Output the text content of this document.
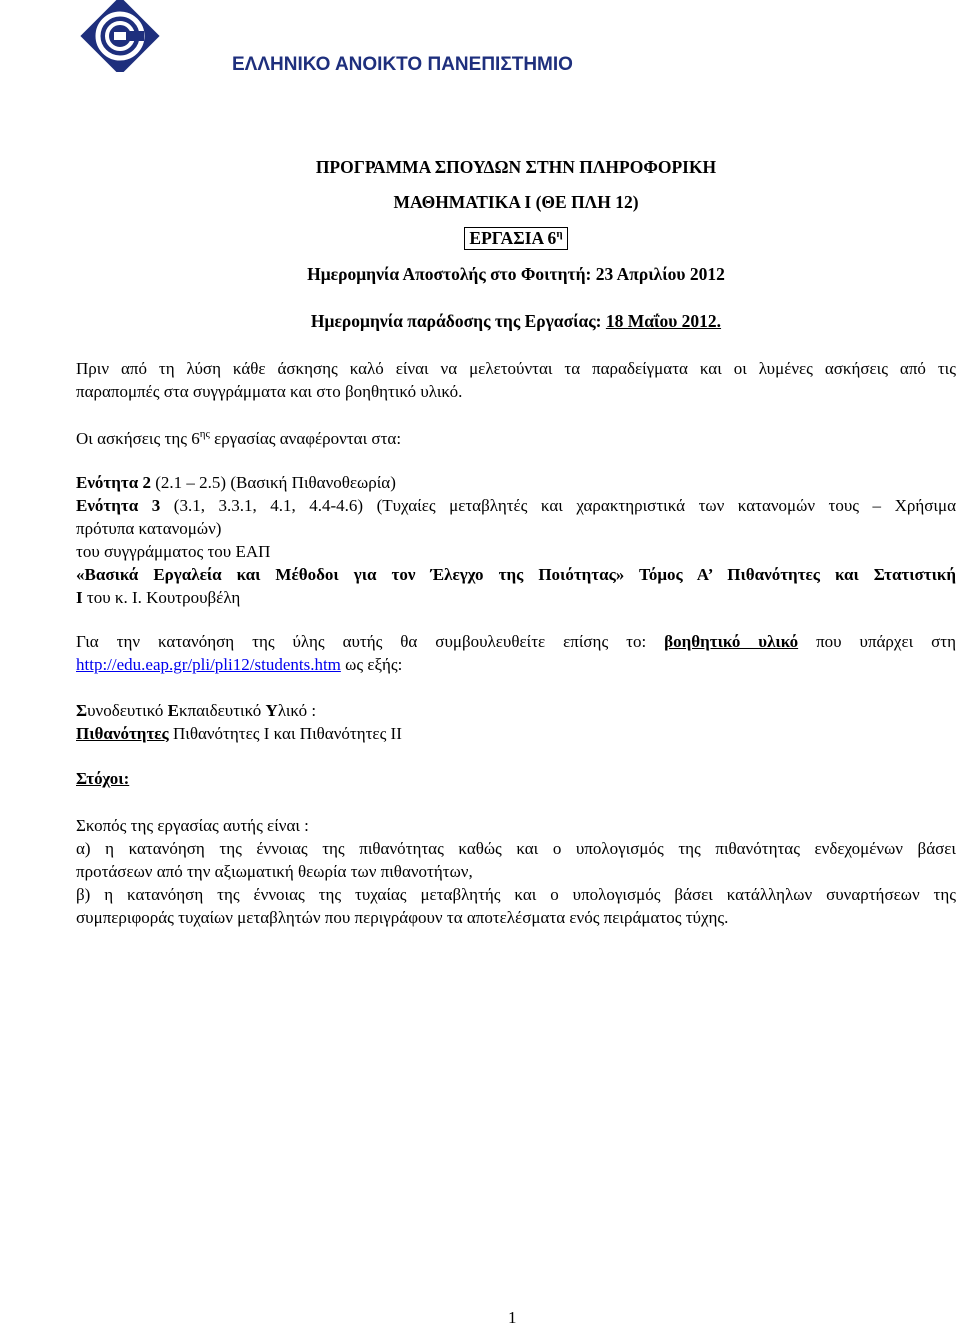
ΕΛΛΗΝΙΚΟ ΑΝΟΙΚΤΟ ΠΑΝΕΠΙΣΤΗΜΙΟ
ΠΡΟΓΡΑΜΜΑ ΣΠΟΥΔΩΝ ΣΤΗΝ ΠΛΗΡΟΦΟΡΙΚΗ
ΜΑΘΗΜΑΤΙΚΑ Ι (ΘΕ ΠΛΗ 12)
ΕΡΓΑΣΙΑ $6^\eta$
Ημερομηνία Αποστολής στο Φοιτητή: 23 Απριλίου 2012
Ημερομηνία παράδοσης της Εργασίας: 18 Μαΐου 2012.
Πριν από τη λύση κάθε άσκησης καλό είναι να μελετούνται τα παραδείγματα και οι λυμένες ασκήσεις από τις
παραπομπές στα συγγράμματα και στο βοηθητικό υλικό.
Οι ασκήσεις της $6^{\eta\varsigma}$ εργασίας αναφέρονται στα:
Ενότητα 2 (2.1 – 2.5) (Βασική Πιθανοθεωρία)
Ενότητα 3 (3.1, 3.3.1, 4.1, 4.4-4.6) (Τυχαίες μεταβλητές και χαρακτηριστικά των κατανομών τους – Χρήσιμα
πρότυπα κατανομών)
του συγγράμματος του ΕΑΠ
«Βασικά Εργαλεία και Μέθοδοι για τον Έλεγχο της Ποιότητας» Τόμος Α’ Πιθανότητες και Στατιστική
Ι του κ. Ι. Κουτρουβέλη
Για την κατανόηση της ύλης αυτής θα συμβουλευθείτε επίσης το: βοηθητικό υλικό που υπάρχει στη
http://edu.eap.gr/pli/pli12/students.htm ως εξής:
Συνοδευτικό Εκπαιδευτικό Υλικό :
Πιθανότητες Πιθανότητες Ι και Πιθανότητες ΙΙ
Στόχοι:
Σκοπός της εργασίας αυτής είναι :
α) η κατανόηση της έννοιας της πιθανότητας καθώς και ο υπολογισμός της πιθανότητας ενδεχομένων βάσει
προτάσεων από την αξιωματική θεωρία των πιθανοτήτων,
β) η κατανόηση της έννοιας της τυχαίας μεταβλητής και ο υπολογισμός βάσει κατάλληλων συναρτήσεων της
συμπεριφοράς τυχαίων μεταβλητών που περιγράφουν τα αποτελέσματα ενός πειράματος τύχης.
1
